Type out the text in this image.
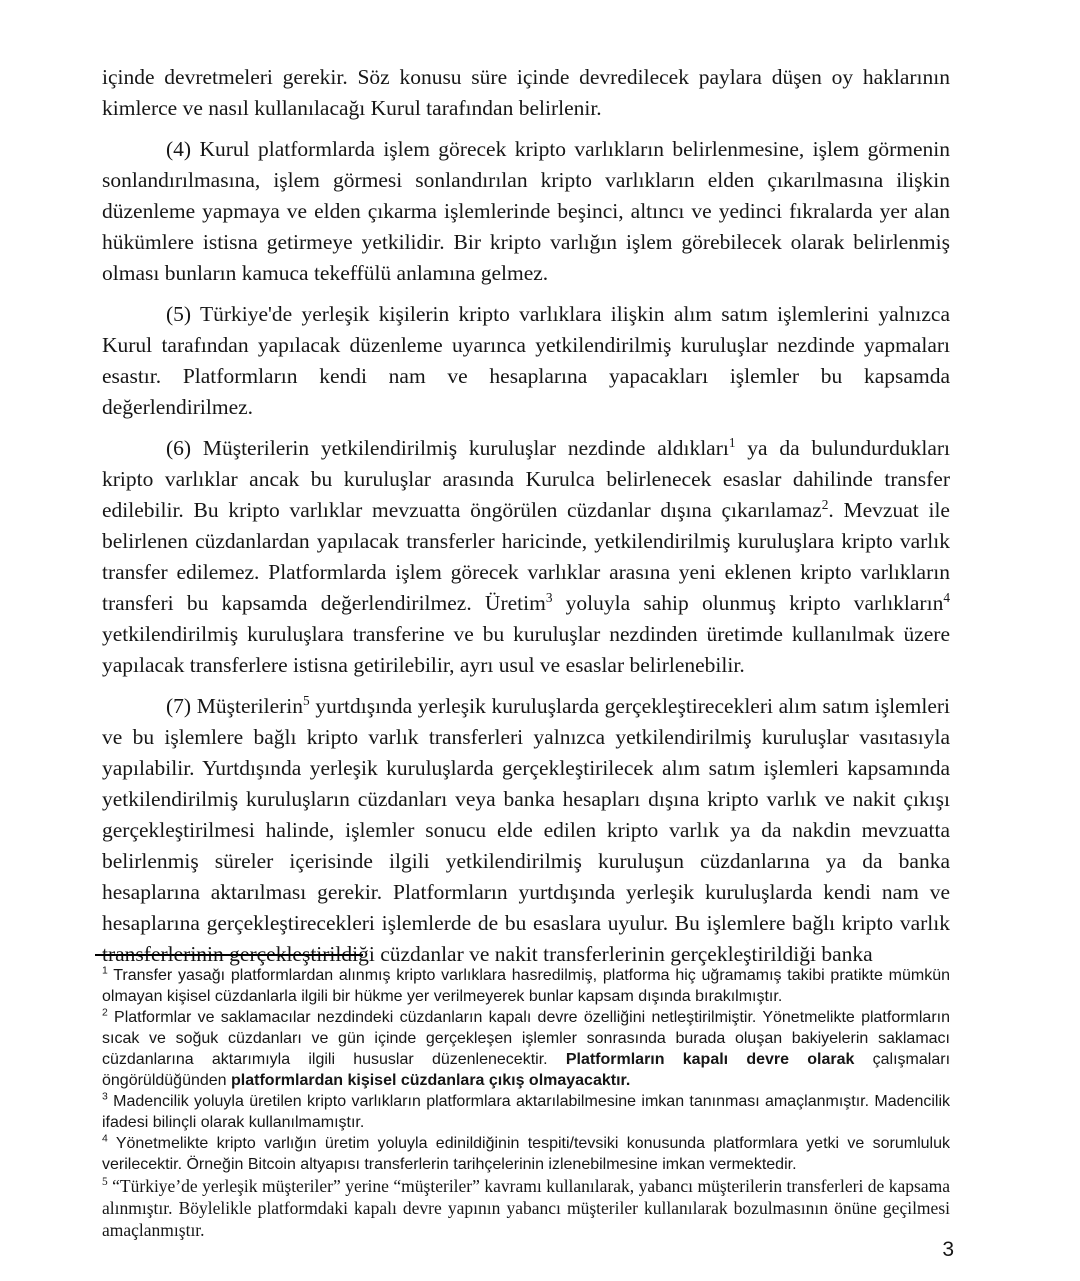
içinde devretmeleri gerekir. Söz konusu süre içinde devredilecek paylara düşen oy haklarının kimlerce ve nasıl kullanılacağı Kurul tarafından belirlenir.

(4) Kurul platformlarda işlem görecek kripto varlıkların belirlenmesine, işlem görmenin sonlandırılmasına, işlem görmesi sonlandırılan kripto varlıkların elden çıkarılmasına ilişkin düzenleme yapmaya ve elden çıkarma işlemlerinde beşinci, altıncı ve yedinci fıkralarda yer alan hükümlere istisna getirmeye yetkilidir. Bir kripto varlığın işlem görebilecek olarak belirlenmiş olması bunların kamuca tekeffülü anlamına gelmez.

(5) Türkiye'de yerleşik kişilerin kripto varlıklara ilişkin alım satım işlemlerini yalnızca Kurul tarafından yapılacak düzenleme uyarınca yetkilendirilmiş kuruluşlar nezdinde yapmaları esastır. Platformların kendi nam ve hesaplarına yapacakları işlemler bu kapsamda değerlendirilmez.

(6) Müşterilerin yetkilendirilmiş kuruluşlar nezdinde aldıkları$^1$ ya da bulundurdukları kripto varlıklar ancak bu kuruluşlar arasında Kurulca belirlenecek esaslar dahilinde transfer edilebilir. Bu kripto varlıklar mevzuatta öngörülen cüzdanlar dışına çıkarılamaz$^2$. Mevzuat ile belirlenen cüzdanlardan yapılacak transferler haricinde, yetkilendirilmiş kuruluşlara kripto varlık transfer edilemez. Platformlarda işlem görecek varlıklar arasına yeni eklenen kripto varlıkların transferi bu kapsamda değerlendirilmez. Üretim$^3$ yoluyla sahip olunmuş kripto varlıkların$^4$ yetkilendirilmiş kuruluşlara transferine ve bu kuruluşlar nezdinden üretimde kullanılmak üzere yapılacak transferlere istisna getirilebilir, ayrı usul ve esaslar belirlenebilir.

(7) Müşterilerin$^5$ yurtdışında yerleşik kuruluşlarda gerçekleştirecekleri alım satım işlemleri ve bu işlemlere bağlı kripto varlık transferleri yalnızca yetkilendirilmiş kuruluşlar vasıtasıyla yapılabilir. Yurtdışında yerleşik kuruluşlarda gerçekleştirilecek alım satım işlemleri kapsamında yetkilendirilmiş kuruluşların cüzdanları veya banka hesapları dışına kripto varlık ve nakit çıkışı gerçekleştirilmesi halinde, işlemler sonucu elde edilen kripto varlık ya da nakdin mevzuatta belirlenmiş süreler içerisinde ilgili yetkilendirilmiş kuruluşun cüzdanlarına ya da banka hesaplarına aktarılması gerekir. Platformların yurtdışında yerleşik kuruluşlarda kendi nam ve hesaplarına gerçekleştirecekleri işlemlerde de bu esaslara uyulur. Bu işlemlere bağlı kripto varlık transferlerinin gerçekleştirildiği cüzdanlar ve nakit transferlerinin gerçekleştirildiği banka

$^1$ Transfer yasağı platformlardan alınmış kripto varlıklara hasredilmiş, platforma hiç uğramamış takibi pratikte mümkün olmayan kişisel cüzdanlarla ilgili bir hükme yer verilmeyerek bunlar kapsam dışında bırakılmıştır.

$^2$ Platformlar ve saklamacılar nezdindeki cüzdanların kapalı devre özelliğini netleştirilmiştir. Yönetmelikte platformların sıcak ve soğuk cüzdanları ve gün içinde gerçekleşen işlemler sonrasında burada oluşan bakiyelerin saklamacı cüzdanlarına aktarımıyla ilgili hususlar düzenlenecektir. Platformların kapalı devre olarak çalışmaları öngörüldüğünden platformlardan kişisel cüzdanlara çıkış olmayacaktır.

$^3$ Madencilik yoluyla üretilen kripto varlıkların platformlara aktarılabilmesine imkan tanınması amaçlanmıştır. Madencilik ifadesi bilinçli olarak kullanılmamıştır.

$^4$ Yönetmelikte kripto varlığın üretim yoluyla edinildiğinin tespiti/tevsiki konusunda platformlara yetki ve sorumluluk verilecektir. Örneğin Bitcoin altyapısı transferlerin tarihçelerinin izlenebilmesine imkan vermektedir.

$^5$ “Türkiye’de yerleşik müşteriler” yerine “müşteriler” kavramı kullanılarak, yabancı müşterilerin transferleri de kapsama alınmıştır. Böylelikle platformdaki kapalı devre yapının yabancı müşteriler kullanılarak bozulmasının önüne geçilmesi amaçlanmıştır.

3
